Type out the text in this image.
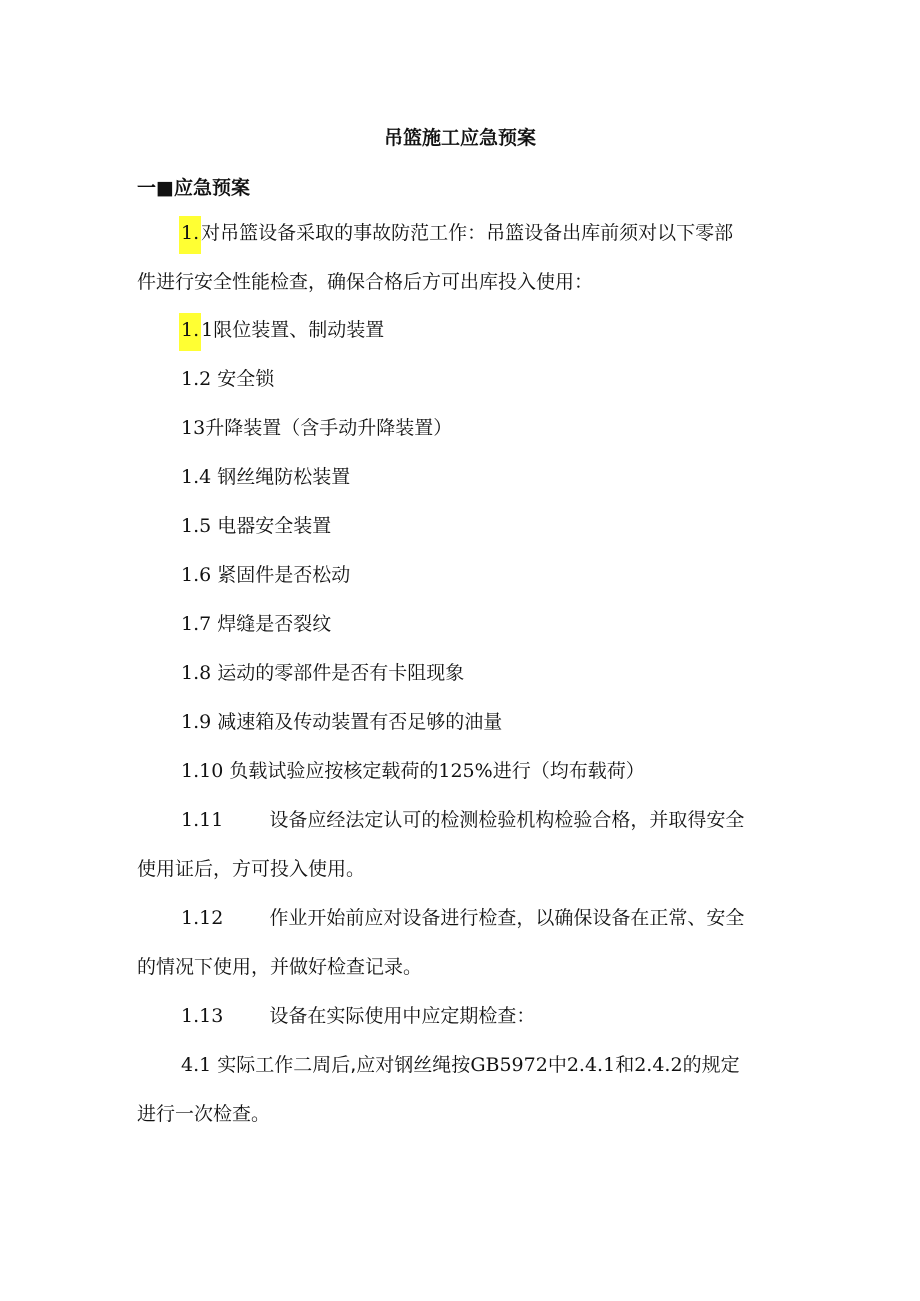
吊篮施工应急预案
一■应急预案
1. 对吊篮设备采取的事故防范工作：吊篮设备出库前须对以下零部
件进行安全性能检查，确保合格后方可出库投入使用：
1. 1限位装置、制动装置
1.2 安全锁
13升降装置（含手动升降装置）
1.4 钢丝绳防松装置
1.5 电器安全装置
1.6 紧固件是否松动
1.7 焊缝是否裂纹
1.8 运动的零部件是否有卡阻现象
1.9 减速箱及传动装置有否足够的油量
1.10 负载试验应按核定载荷的125%进行（均布载荷）
1.11 设备应经法定认可的检测检验机构检验合格，并取得安全
使用证后，方可投入使用。
1.12 作业开始前应对设备进行检查，以确保设备在正常、安全
的情况下使用，并做好检查记录。
1.13 设备在实际使用中应定期检查：
4.1 实际工作二周后,应对钢丝绳按GB5972中2.4.1和2.4.2的规定
进行一次检查。
